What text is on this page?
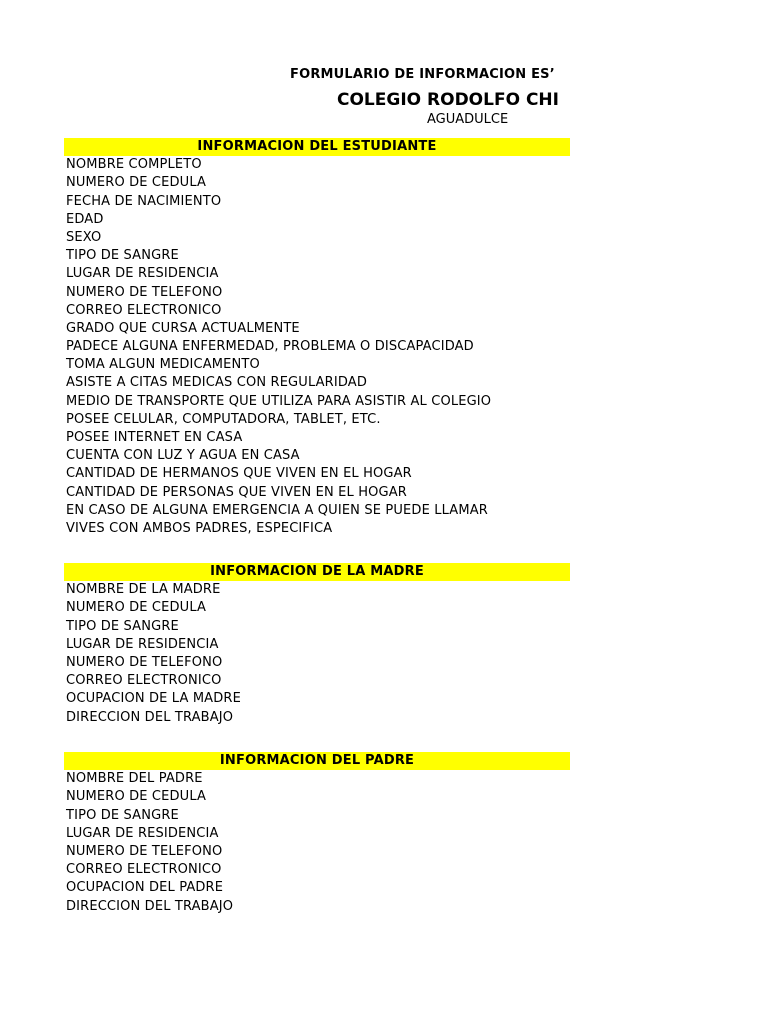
FORMULARIO DE INFORMACION ES’
COLEGIO RODOLFO CHI
AGUADULCE
INFORMACION DEL ESTUDIANTE
NOMBRE COMPLETO
NUMERO DE CEDULA
FECHA DE NACIMIENTO
EDAD
SEXO
TIPO DE SANGRE
LUGAR DE RESIDENCIA
NUMERO DE TELEFONO
CORREO ELECTRONICO
GRADO QUE CURSA ACTUALMENTE
PADECE ALGUNA ENFERMEDAD, PROBLEMA O DISCAPACIDAD
TOMA ALGUN MEDICAMENTO
ASISTE A CITAS MEDICAS CON REGULARIDAD
MEDIO DE TRANSPORTE QUE UTILIZA PARA ASISTIR AL COLEGIO
POSEE CELULAR, COMPUTADORA, TABLET, ETC.
POSEE INTERNET EN CASA
CUENTA CON LUZ Y AGUA EN CASA
CANTIDAD DE HERMANOS QUE VIVEN EN EL HOGAR
CANTIDAD DE PERSONAS QUE VIVEN EN EL HOGAR
EN CASO DE ALGUNA EMERGENCIA A QUIEN SE PUEDE LLAMAR
VIVES CON AMBOS PADRES, ESPECIFICA
INFORMACION DE LA MADRE
NOMBRE DE LA MADRE
NUMERO DE CEDULA
TIPO DE SANGRE
LUGAR DE RESIDENCIA
NUMERO DE TELEFONO
CORREO ELECTRONICO
OCUPACION DE LA MADRE
DIRECCION DEL TRABAJO
INFORMACION DEL PADRE
NOMBRE DEL PADRE
NUMERO DE CEDULA
TIPO DE SANGRE
LUGAR DE RESIDENCIA
NUMERO DE TELEFONO
CORREO ELECTRONICO
OCUPACION DEL PADRE
DIRECCION DEL TRABAJO
